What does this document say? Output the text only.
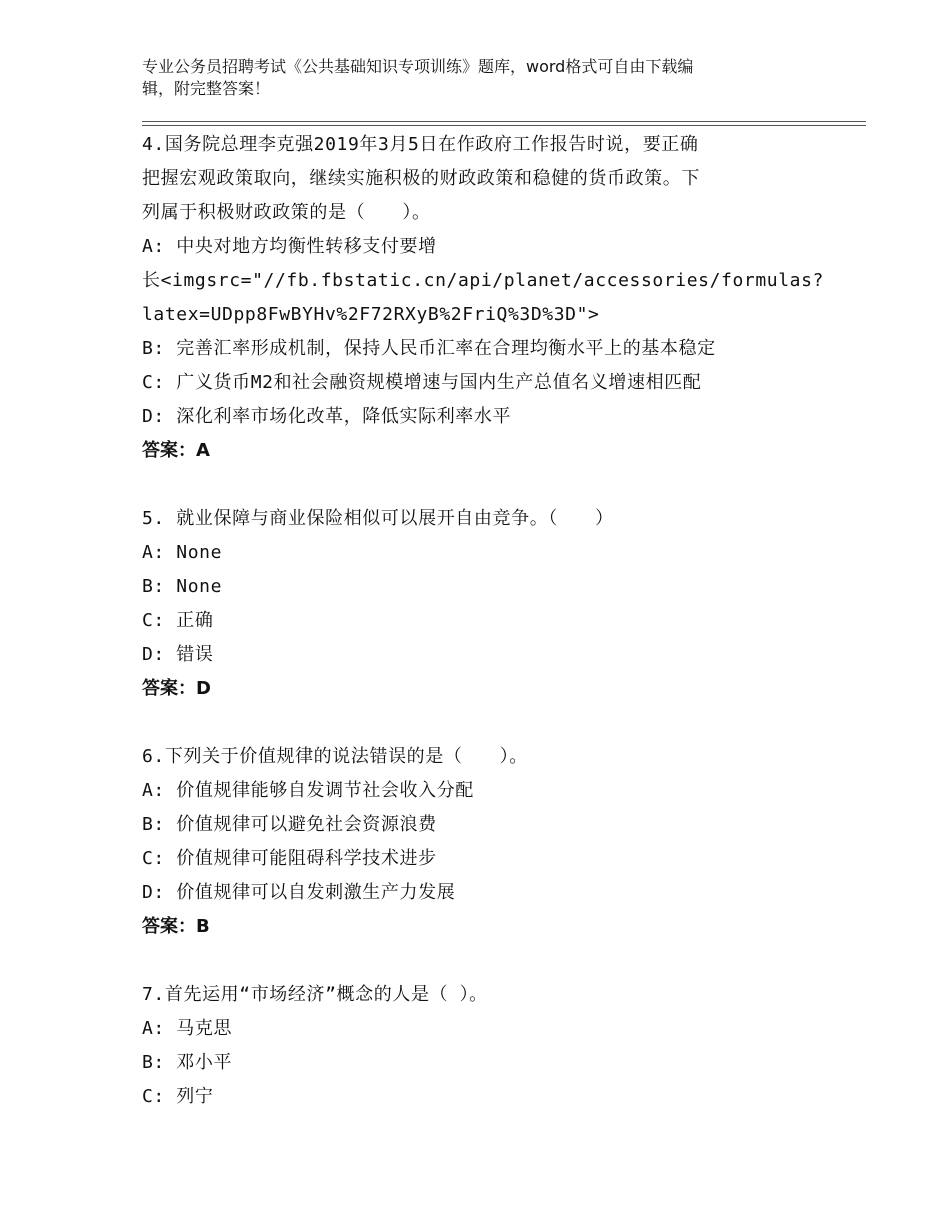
专业公务员招聘考试《公共基础知识专项训练》题库，word格式可自由下载编
辑，附完整答案！
4.国务院总理李克强2019年3月5日在作政府工作报告时说，要正确
把握宏观政策取向，继续实施积极的财政政策和稳健的货币政策。下
列属于积极财政政策的是（　　）。
A: 中央对地方均衡性转移支付要增
长<imgsrc="//fb.fbstatic.cn/api/planet/accessories/formulas?
latex=UDpp8FwBYHv%2F72RXyB%2FriQ%3D%3D">
B: 完善汇率形成机制，保持人民币汇率在合理均衡水平上的基本稳定
C: 广义货币M2和社会融资规模增速与国内生产总值名义增速相匹配
D: 深化利率市场化改革，降低实际利率水平
答案：A
5. 就业保障与商业保险相似可以展开自由竞争。（　　）
A: None
B: None
C: 正确
D: 错误
答案：D
6.下列关于价值规律的说法错误的是（　　）。
A: 价值规律能够自发调节社会收入分配
B: 价值规律可以避免社会资源浪费
C: 价值规律可能阻碍科学技术进步
D: 价值规律可以自发刺激生产力发展
答案：B
7.首先运用“市场经济”概念的人是（ ）。
A: 马克思
B: 邓小平
C: 列宁
